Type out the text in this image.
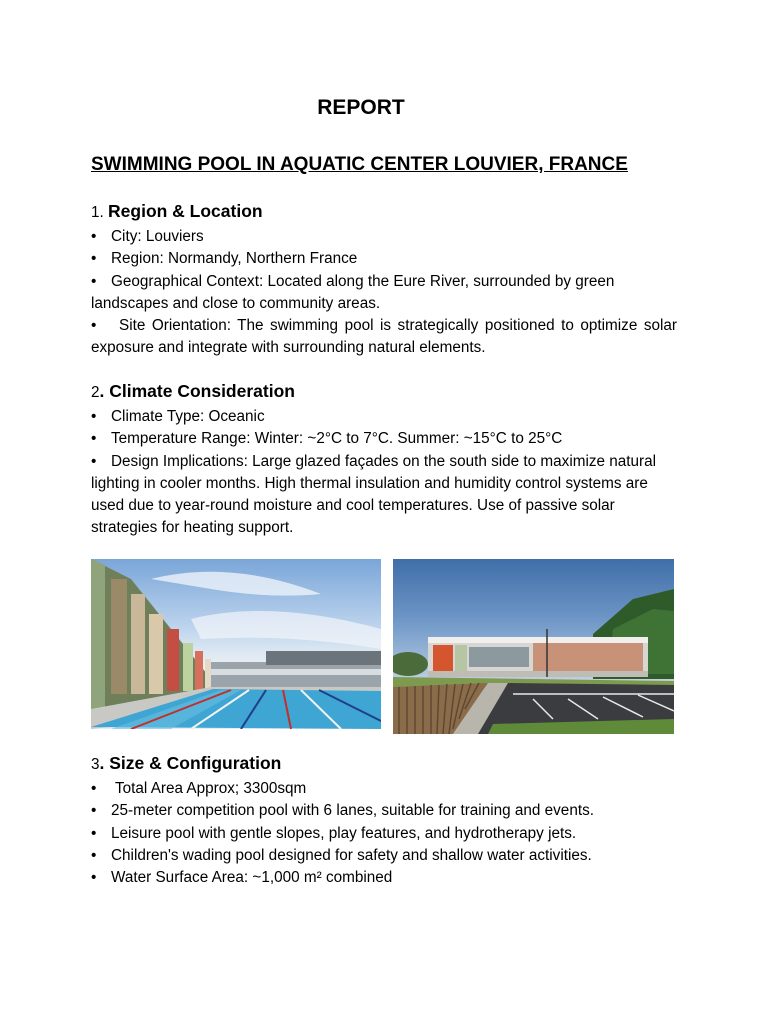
REPORT
SWIMMING POOL IN AQUATIC CENTER LOUVIER, FRANCE

1. Region & Location

• City: Louviers

• Region: Normandy, Northern France

• Geographical Context: Located along the Eure River, surrounded by green landscapes and close to community areas.

• Site Orientation: The swimming pool is strategically positioned to optimize solar exposure and integrate with surrounding natural elements.

2. Climate Consideration

• Climate Type: Oceanic

• Temperature Range: Winter: ~2°C to 7°C. Summer: ~15°C to 25°C

• Design Implications: Large glazed façades on the south side to maximize natural lighting in cooler months. High thermal insulation and humidity control systems are used due to year-round moisture and cool temperatures. Use of passive solar strategies for heating support.

3. Size & Configuration

• Total Area Approx; 3300sqm

• 25-meter competition pool with 6 lanes, suitable for training and events.

• Leisure pool with gentle slopes, play features, and hydrotherapy jets.

• Children's wading pool designed for safety and shallow water activities.

• Water Surface Area: ~1,000 m² combined
